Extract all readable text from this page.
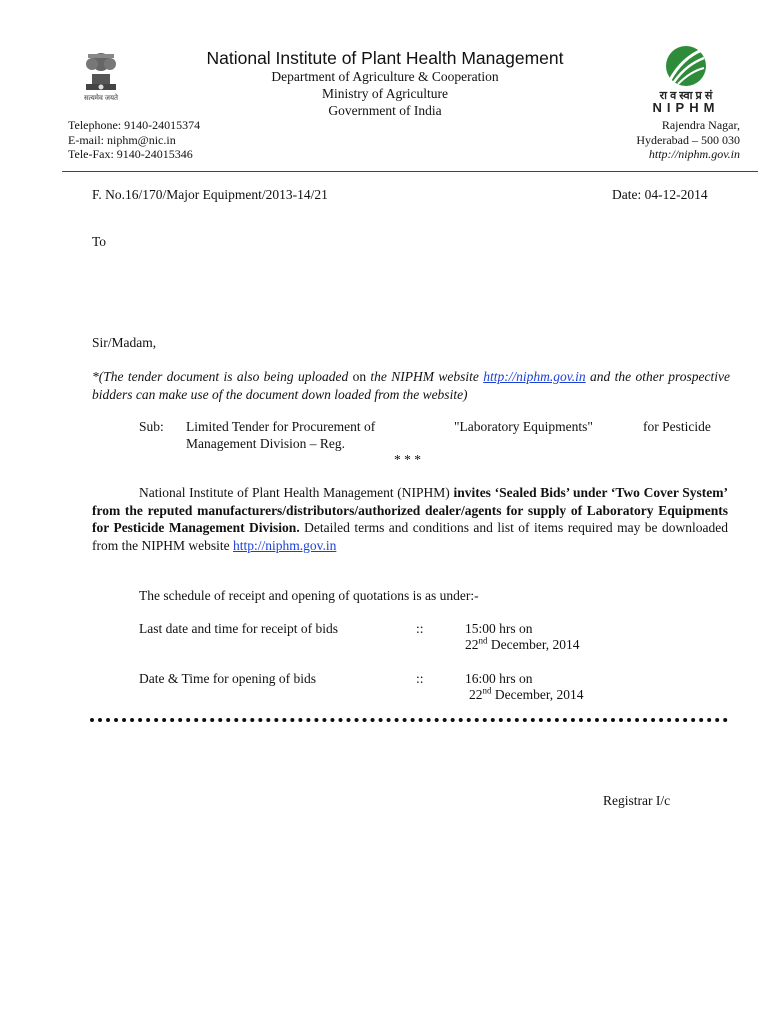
सत्यमेव जयते	रा व स्वा प्र सं
NIPHM
National Institute of Plant Health Management
Department of Agriculture & Cooperation
Ministry of Agriculture
Government of India
Telephone: 9140-24015374
E-mail: niphm@nic.in
Tele-Fax: 9140-24015346
Rajendra Nagar,
Hyderabad – 500 030
http://niphm.gov.in
F. No.16/170/Major Equipment/2013-14/21	Date: 04-12-2014
To
Sir/Madam,
*(The tender document is also being uploaded on the NIPHM website http://niphm.gov.in and the other prospective bidders can make use of the document down loaded from the website)
Sub: Limited Tender for Procurement of	"Laboratory Equipments"	for Pesticide
Management Division – Reg.
* * *
National Institute of Plant Health Management (NIPHM) invites ‘Sealed Bids’ under ‘Two Cover System’ from the reputed manufacturers/distributors/authorized dealer/agents for supply of Laboratory Equipments for Pesticide Management Division. Detailed terms and conditions and list of items required may be downloaded from the NIPHM website http://niphm.gov.in
The schedule of receipt and opening of quotations is as under:-
Last date and time for receipt of bids	::	15:00 hrs on
22nd December, 2014
Date & Time for opening of bids	::	16:00 hrs on
22nd December, 2014
Registrar I/c
